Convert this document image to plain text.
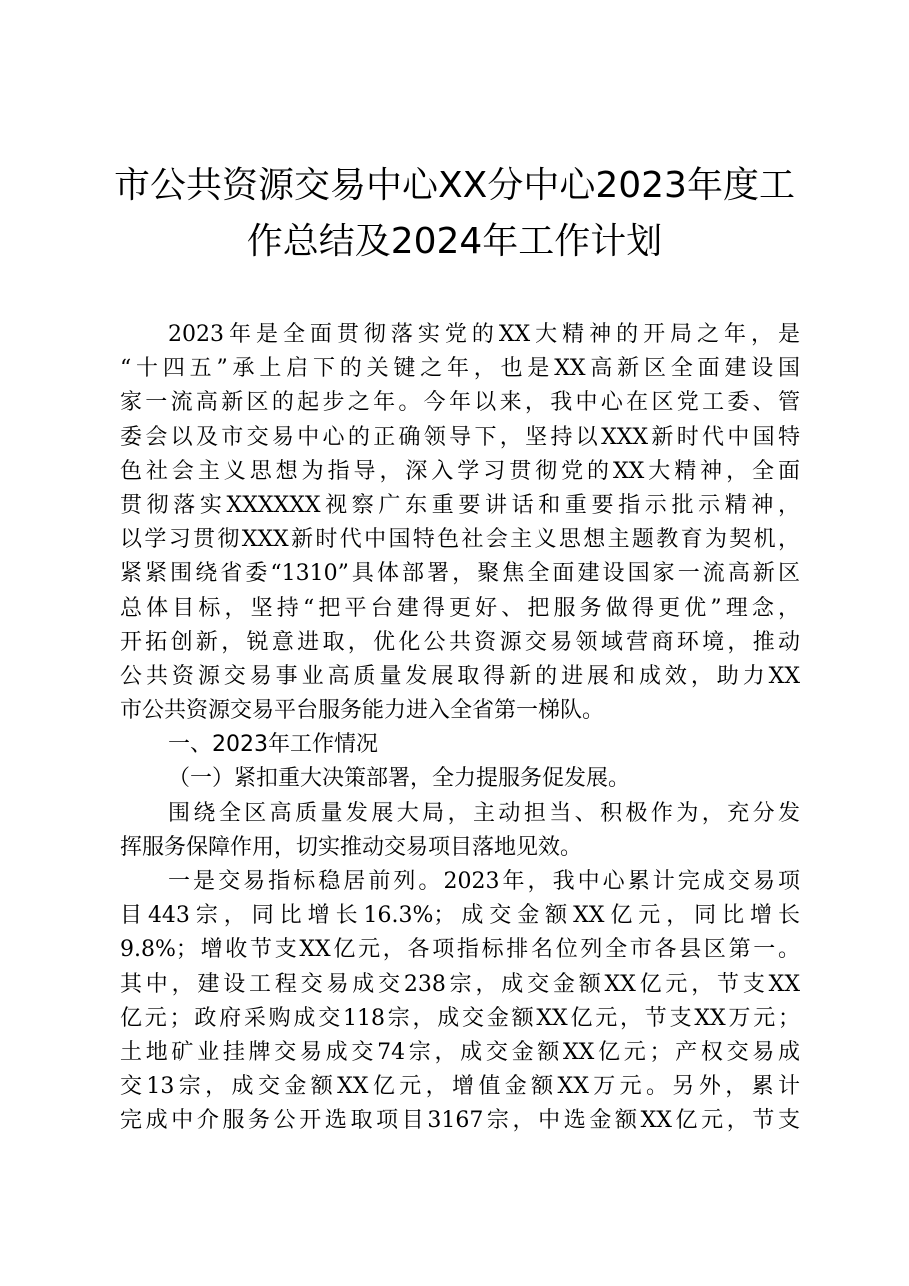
市公共资源交易中心XX分中心2023年度工
作总结及2024年工作计划
2023年是全面贯彻落实党的XX大精神的开局之年，是
“十四五”承上启下的关键之年，也是XX高新区全面建设国
家一流高新区的起步之年。今年以来，我中心在区党工委、管
委会以及市交易中心的正确领导下，坚持以XXX新时代中国特
色社会主义思想为指导，深入学习贯彻党的XX大精神，全面
贯彻落实XXXXXX视察广东重要讲话和重要指示批示精神，
以学习贯彻XXX新时代中国特色社会主义思想主题教育为契机，
紧紧围绕省委“1310”具体部署，聚焦全面建设国家一流高新区
总体目标，坚持“把平台建得更好、把服务做得更优”理念，
开拓创新，锐意进取，优化公共资源交易领域营商环境，推动
公共资源交易事业高质量发展取得新的进展和成效，助力XX
市公共资源交易平台服务能力进入全省第一梯队。
一、2023年工作情况
（一）紧扣重大决策部署，全力提服务促发展。
围绕全区高质量发展大局，主动担当、积极作为，充分发
挥服务保障作用，切实推动交易项目落地见效。
一是交易指标稳居前列。2023年，我中心累计完成交易项
目443宗，同比增长16.3%；成交金额XX亿元，同比增长
9.8%；增收节支XX亿元，各项指标排名位列全市各县区第一。
其中，建设工程交易成交238宗，成交金额XX亿元，节支XX
亿元；政府采购成交118宗，成交金额XX亿元，节支XX万元；
土地矿业挂牌交易成交74宗，成交金额XX亿元；产权交易成
交13宗，成交金额XX亿元，增值金额XX万元。另外，累计
完成中介服务公开选取项目3167宗，中选金额XX亿元，节支
